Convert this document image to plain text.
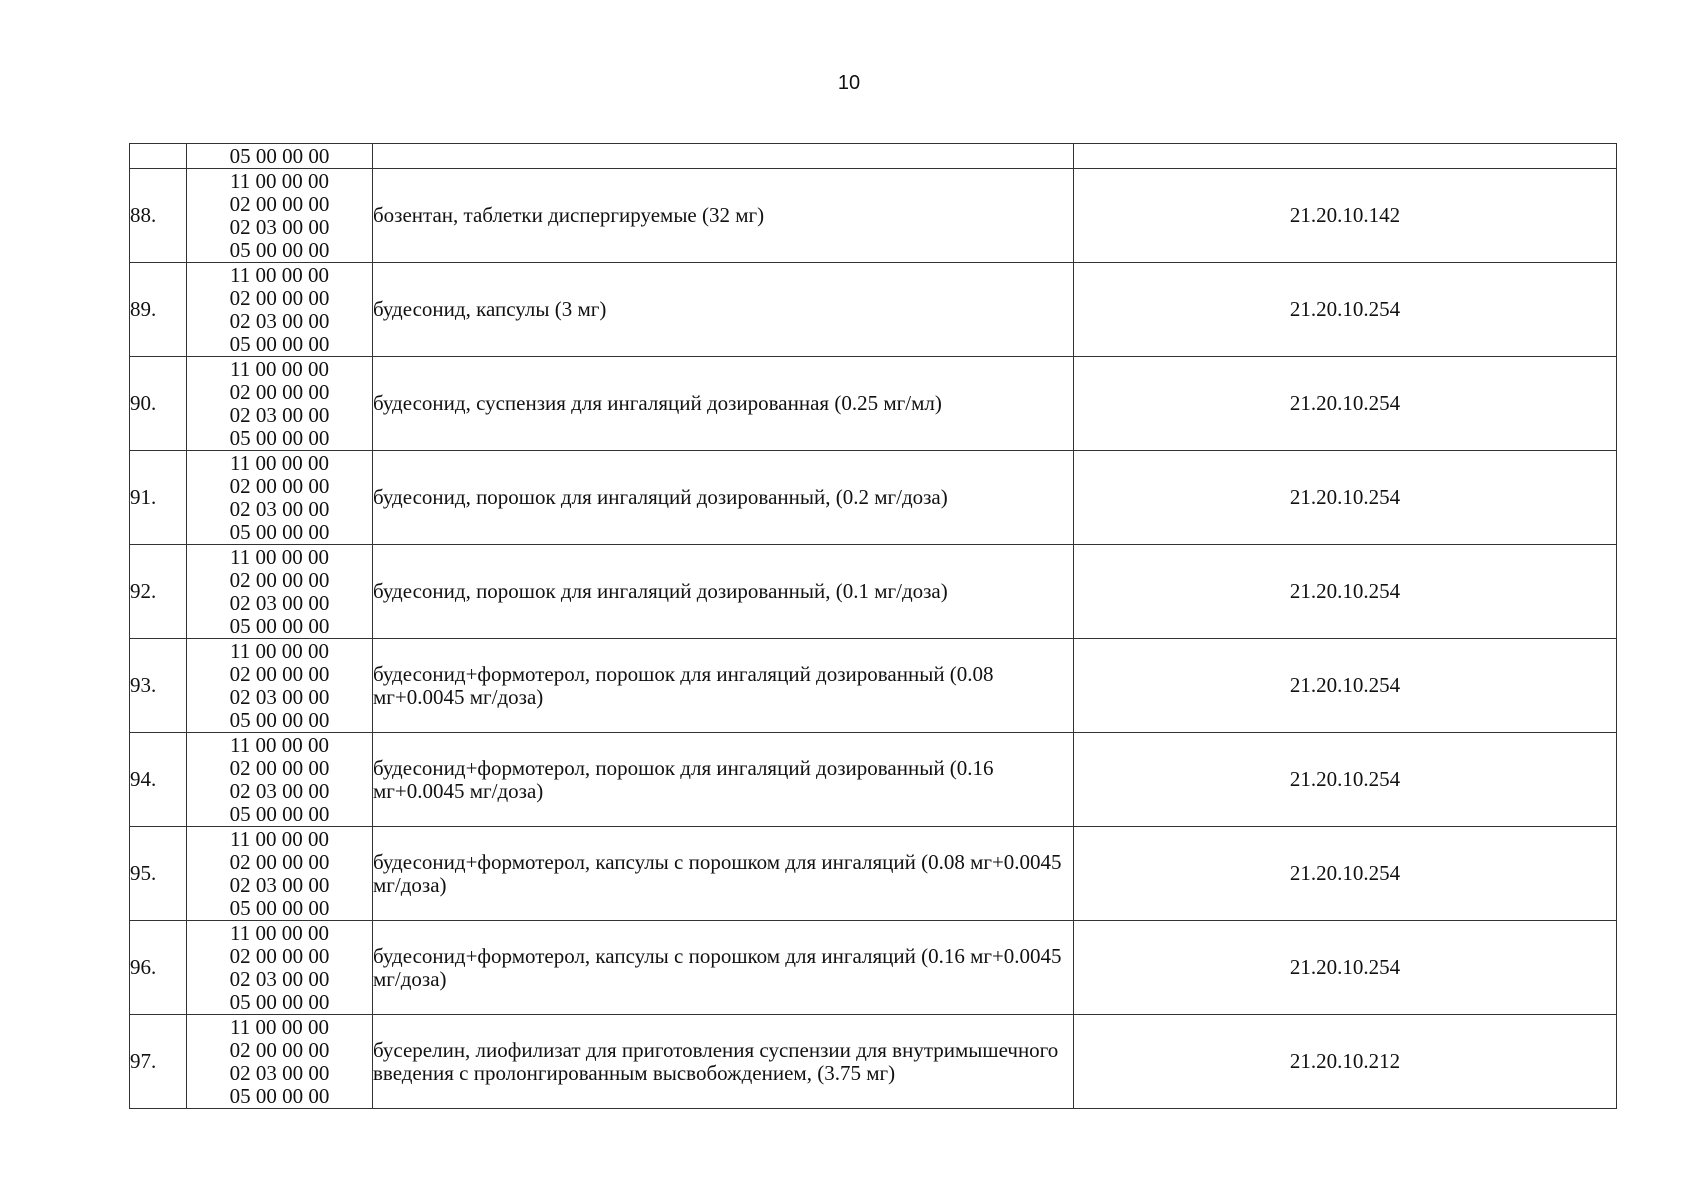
10

	05 00 00 00		

88.	11 00 00 00
02 00 00 00
02 03 00 00
05 00 00 00	бозентан, таблетки диспергируемые (32 мг)	21.20.10.142
89.	11 00 00 00
02 00 00 00
02 03 00 00
05 00 00 00	будесонид, капсулы (3 мг)	21.20.10.254
90.	11 00 00 00
02 00 00 00
02 03 00 00
05 00 00 00	будесонид, суспензия для ингаляций дозированная (0.25 мг/мл)	21.20.10.254
91.	11 00 00 00
02 00 00 00
02 03 00 00
05 00 00 00	будесонид, порошок для ингаляций дозированный, (0.2 мг/доза)	21.20.10.254
92.	11 00 00 00
02 00 00 00
02 03 00 00
05 00 00 00	будесонид, порошок для ингаляций дозированный, (0.1 мг/доза)	21.20.10.254
93.	11 00 00 00
02 00 00 00
02 03 00 00
05 00 00 00	будесонид+формотерол, порошок для ингаляций дозированный (0.08 мг+0.0045 мг/доза)	21.20.10.254
94.	11 00 00 00
02 00 00 00
02 03 00 00
05 00 00 00	будесонид+формотерол, порошок для ингаляций дозированный (0.16 мг+0.0045 мг/доза)	21.20.10.254
95.	11 00 00 00
02 00 00 00
02 03 00 00
05 00 00 00	будесонид+формотерол, капсулы с порошком для ингаляций (0.08 мг+0.0045 мг/доза)	21.20.10.254
96.	11 00 00 00
02 00 00 00
02 03 00 00
05 00 00 00	будесонид+формотерол, капсулы с порошком для ингаляций (0.16 мг+0.0045 мг/доза)	21.20.10.254
97.	11 00 00 00
02 00 00 00
02 03 00 00
05 00 00 00	бусерелин, лиофилизат для приготовления суспензии для внутримышечного введения с пролонгированным высвобождением, (3.75 мг)	21.20.10.212
